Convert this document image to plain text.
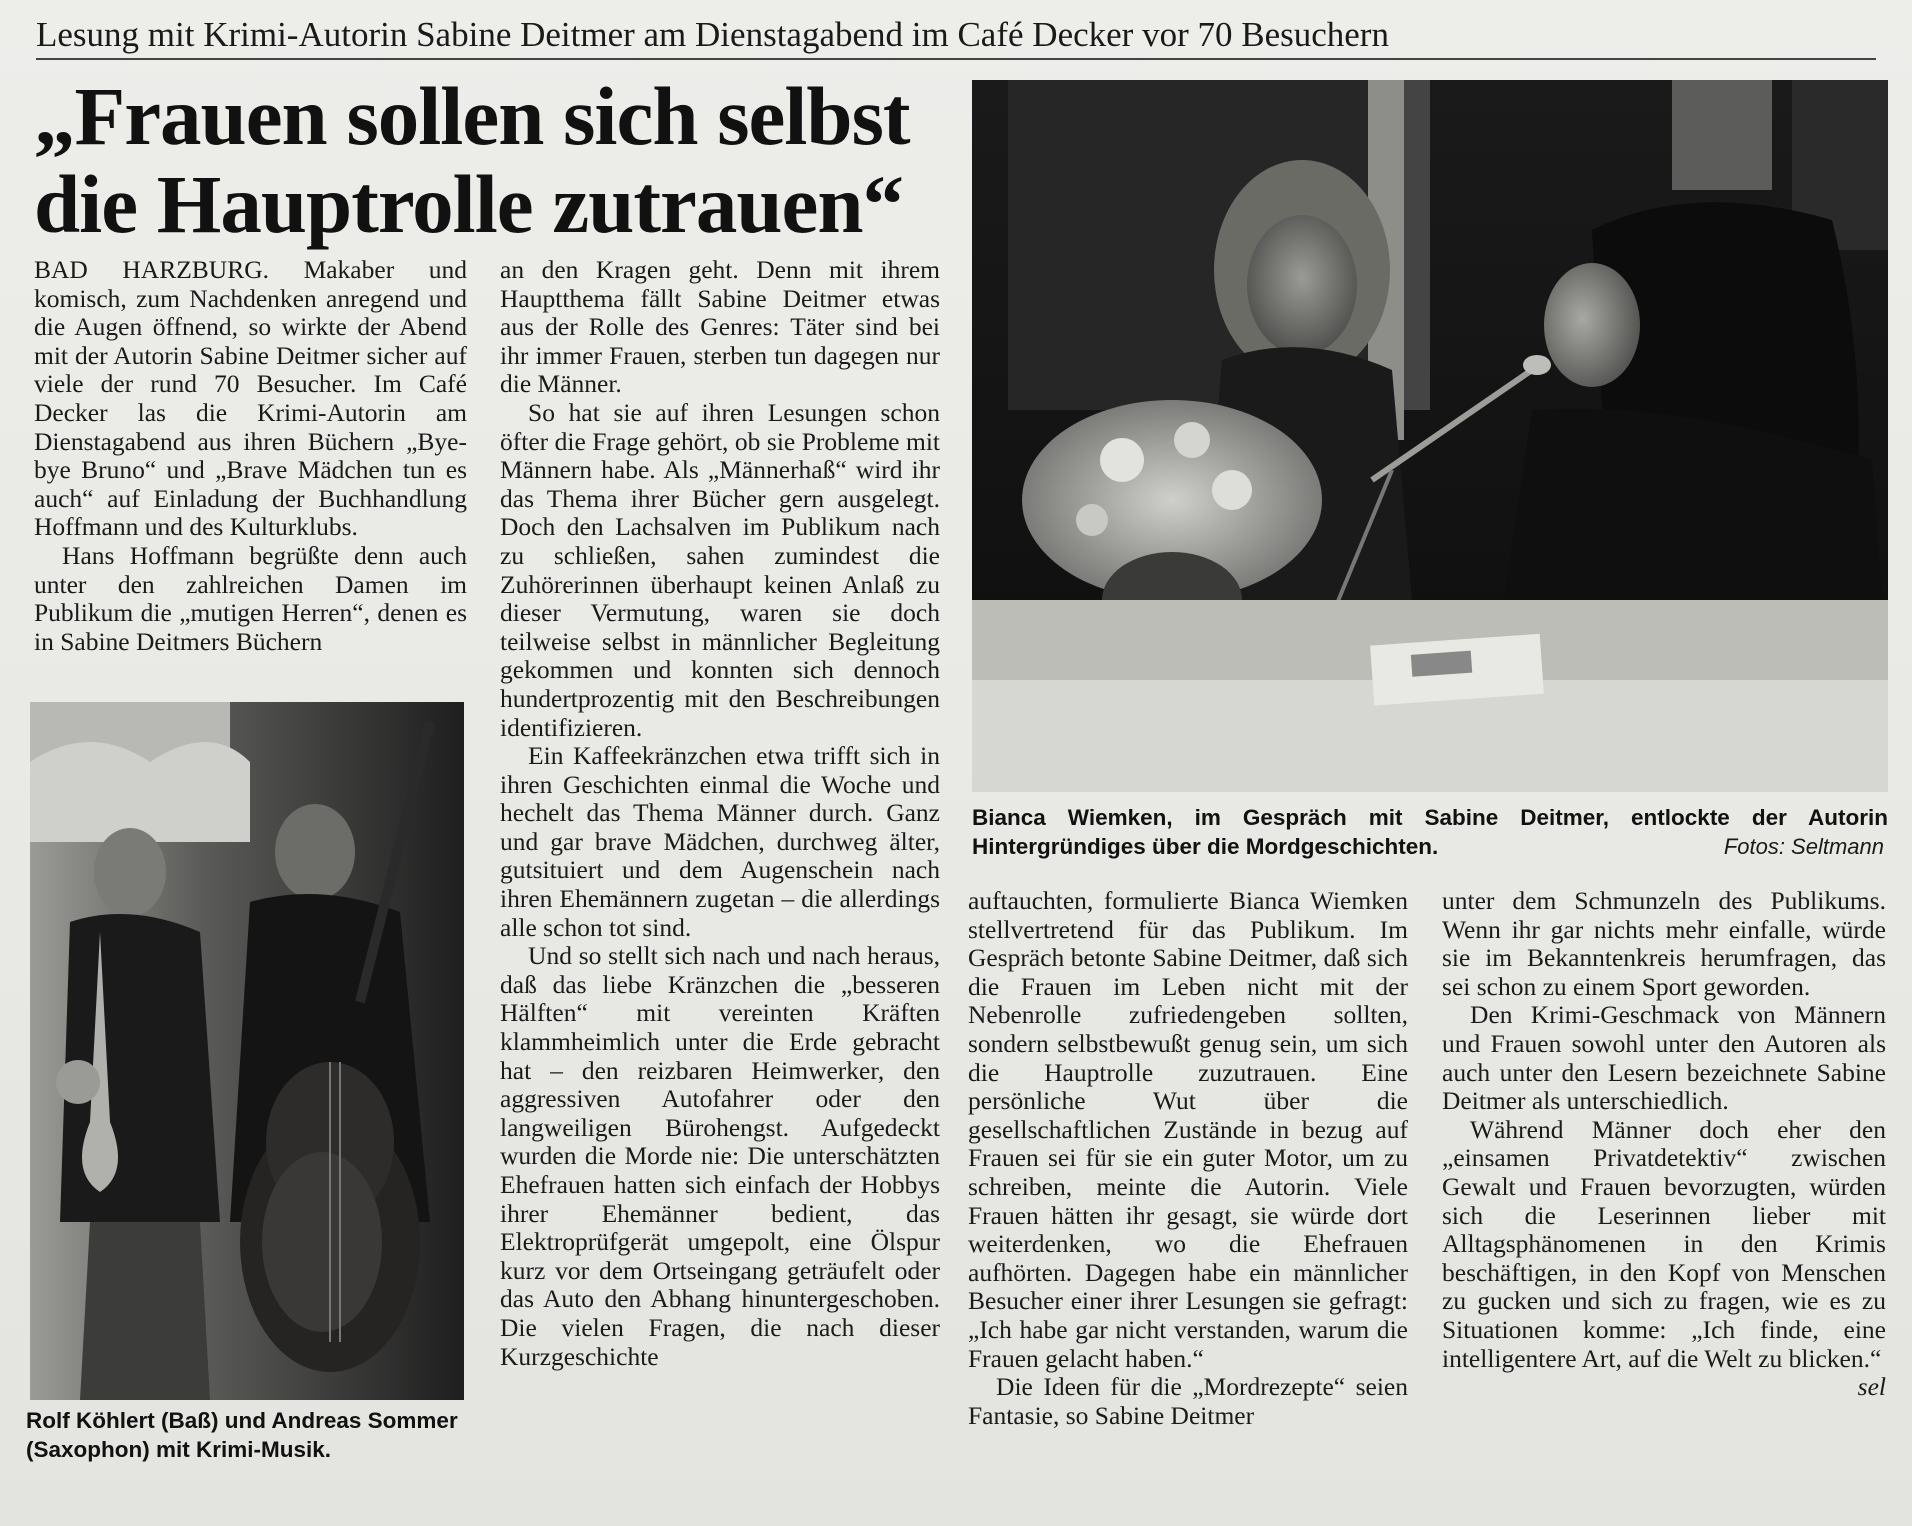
Lesung mit Krimi-Autorin Sabine Deitmer am Dienstagabend im Café Decker vor 70 Besuchern
„Frauen sollen sich selbst
die Hauptrolle zutrauen“
Bianca Wiemken, im Gespräch mit Sabine Deitmer, entlockte der Autorin Hintergründiges über die Mordgeschichten.	Fotos: Seltmann
Rolf Köhlert (Baß) und Andreas Sommer (Saxophon) mit Krimi-Musik.

BAD HARZBURG. Makaber und komisch, zum Nachdenken anregend und die Augen öffnend, so wirkte der Abend mit der Autorin Sabine Deitmer sicher auf viele der rund 70 Besucher. Im Café Decker las die Krimi-Autorin am Dienstagabend aus ihren Büchern „Bye-bye Bruno“ und „Brave Mädchen tun es auch“ auf Einladung der Buchhandlung Hoffmann und des Kulturklubs.

Hans Hoffmann begrüßte denn auch unter den zahlreichen Damen im Publikum die „mutigen Herren“, denen es in Sabine Deitmers Büchern

an den Kragen geht. Denn mit ihrem Hauptthema fällt Sabine Deitmer etwas aus der Rolle des Genres: Täter sind bei ihr immer Frauen, sterben tun dagegen nur die Männer.

So hat sie auf ihren Lesungen schon öfter die Frage gehört, ob sie Probleme mit Männern habe. Als „Männerhaß“ wird ihr das Thema ihrer Bücher gern ausgelegt. Doch den Lachsalven im Publikum nach zu schließen, sahen zumindest die Zuhörerinnen überhaupt keinen Anlaß zu dieser Vermutung, waren sie doch teilweise selbst in männlicher Begleitung gekommen und konnten sich dennoch hundertprozentig mit den Beschreibungen identifizieren.

Ein Kaffeekränzchen etwa trifft sich in ihren Geschichten einmal die Woche und hechelt das Thema Männer durch. Ganz und gar brave Mädchen, durchweg älter, gutsituiert und dem Augenschein nach ihren Ehemännern zugetan – die allerdings alle schon tot sind.

Und so stellt sich nach und nach heraus, daß das liebe Kränzchen die „besseren Hälften“ mit vereinten Kräften klammheimlich unter die Erde gebracht hat – den reizbaren Heimwerker, den aggressiven Autofahrer oder den langweiligen Bürohengst. Aufgedeckt wurden die Morde nie: Die unterschätzten Ehefrauen hatten sich einfach der Hobbys ihrer Ehemänner bedient, das Elektroprüfgerät umgepolt, eine Ölspur kurz vor dem Ortseingang geträufelt oder das Auto den Abhang hinuntergeschoben. Die vielen Fragen, die nach dieser Kurzgeschichte

auftauchten, formulierte Bianca Wiemken stellvertretend für das Publikum. Im Gespräch betonte Sabine Deitmer, daß sich die Frauen im Leben nicht mit der Nebenrolle zufriedengeben sollten, sondern selbstbewußt genug sein, um sich die Hauptrolle zuzutrauen. Eine persönliche Wut über die gesellschaftlichen Zustände in bezug auf Frauen sei für sie ein guter Motor, um zu schreiben, meinte die Autorin. Viele Frauen hätten ihr gesagt, sie würde dort weiterdenken, wo die Ehefrauen aufhörten. Dagegen habe ein männlicher Besucher einer ihrer Lesungen sie gefragt: „Ich habe gar nicht verstanden, warum die Frauen gelacht haben.“

Die Ideen für die „Mordrezepte“ seien Fantasie, so Sabine Deitmer

unter dem Schmunzeln des Publikums. Wenn ihr gar nichts mehr einfalle, würde sie im Bekanntenkreis herumfragen, das sei schon zu einem Sport geworden.

Den Krimi-Geschmack von Männern und Frauen sowohl unter den Autoren als auch unter den Lesern bezeichnete Sabine Deitmer als unterschiedlich.

Während Männer doch eher den „einsamen Privatdetektiv“ zwischen Gewalt und Frauen bevorzugten, würden sich die Leserinnen lieber mit Alltagsphänomenen in den Krimis beschäftigen, in den Kopf von Menschen zu gucken und sich zu fragen, wie es zu Situationen komme: „Ich finde, eine intelligentere Art, auf die Welt zu blicken.“

sel
